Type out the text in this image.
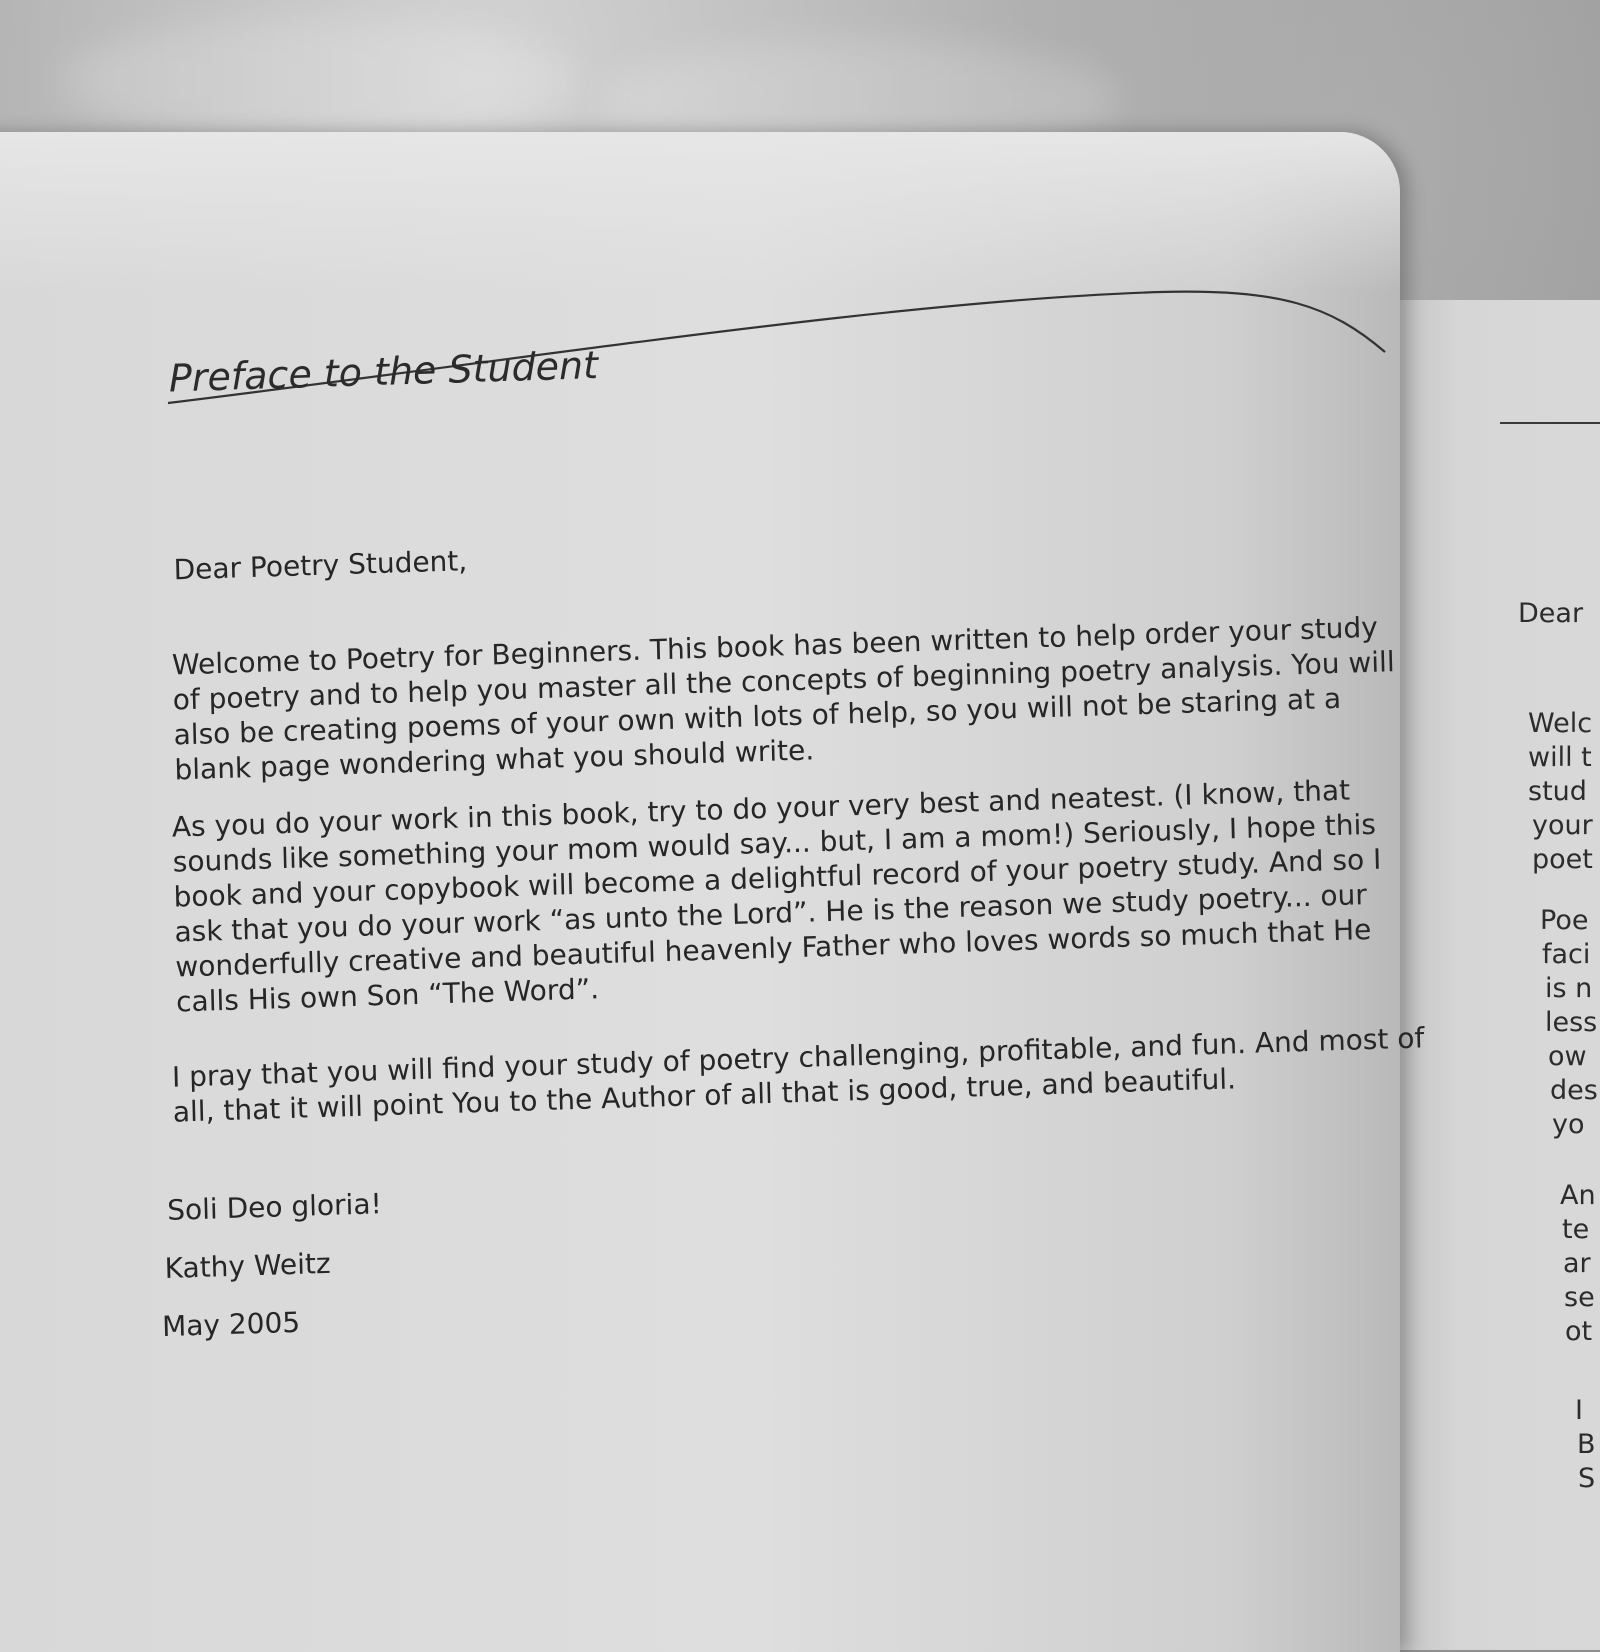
Dear
Welc
will t
stud
your
poet
Poe
faci
is n
less
ow
des
yo
An
te
ar
se
ot
I
B
S
Preface to the Student

Dear Poetry Student,

Welcome to Poetry for Beginners. This book has been written to help order your study of poetry and to help you master all the concepts of beginning poetry analysis. You will also be creating poems of your own with lots of help, so you will not be staring at a blank page wondering what you should write.

As you do your work in this book, try to do your very best and neatest. (I know, that sounds like something your mom would say... but, I am a mom!) Seriously, I hope this book and your copybook will become a delightful record of your poetry study. And so I ask that you do your work “as unto the Lord”. He is the reason we study poetry... our wonderfully creative and beautiful heavenly Father who loves words so much that He calls His own Son “The Word”.

I pray that you will find your study of poetry challenging, profitable, and fun. And most of all, that it will point You to the Author of all that is good, true, and beautiful.

Soli Deo gloria!
Kathy Weitz
May 2005
